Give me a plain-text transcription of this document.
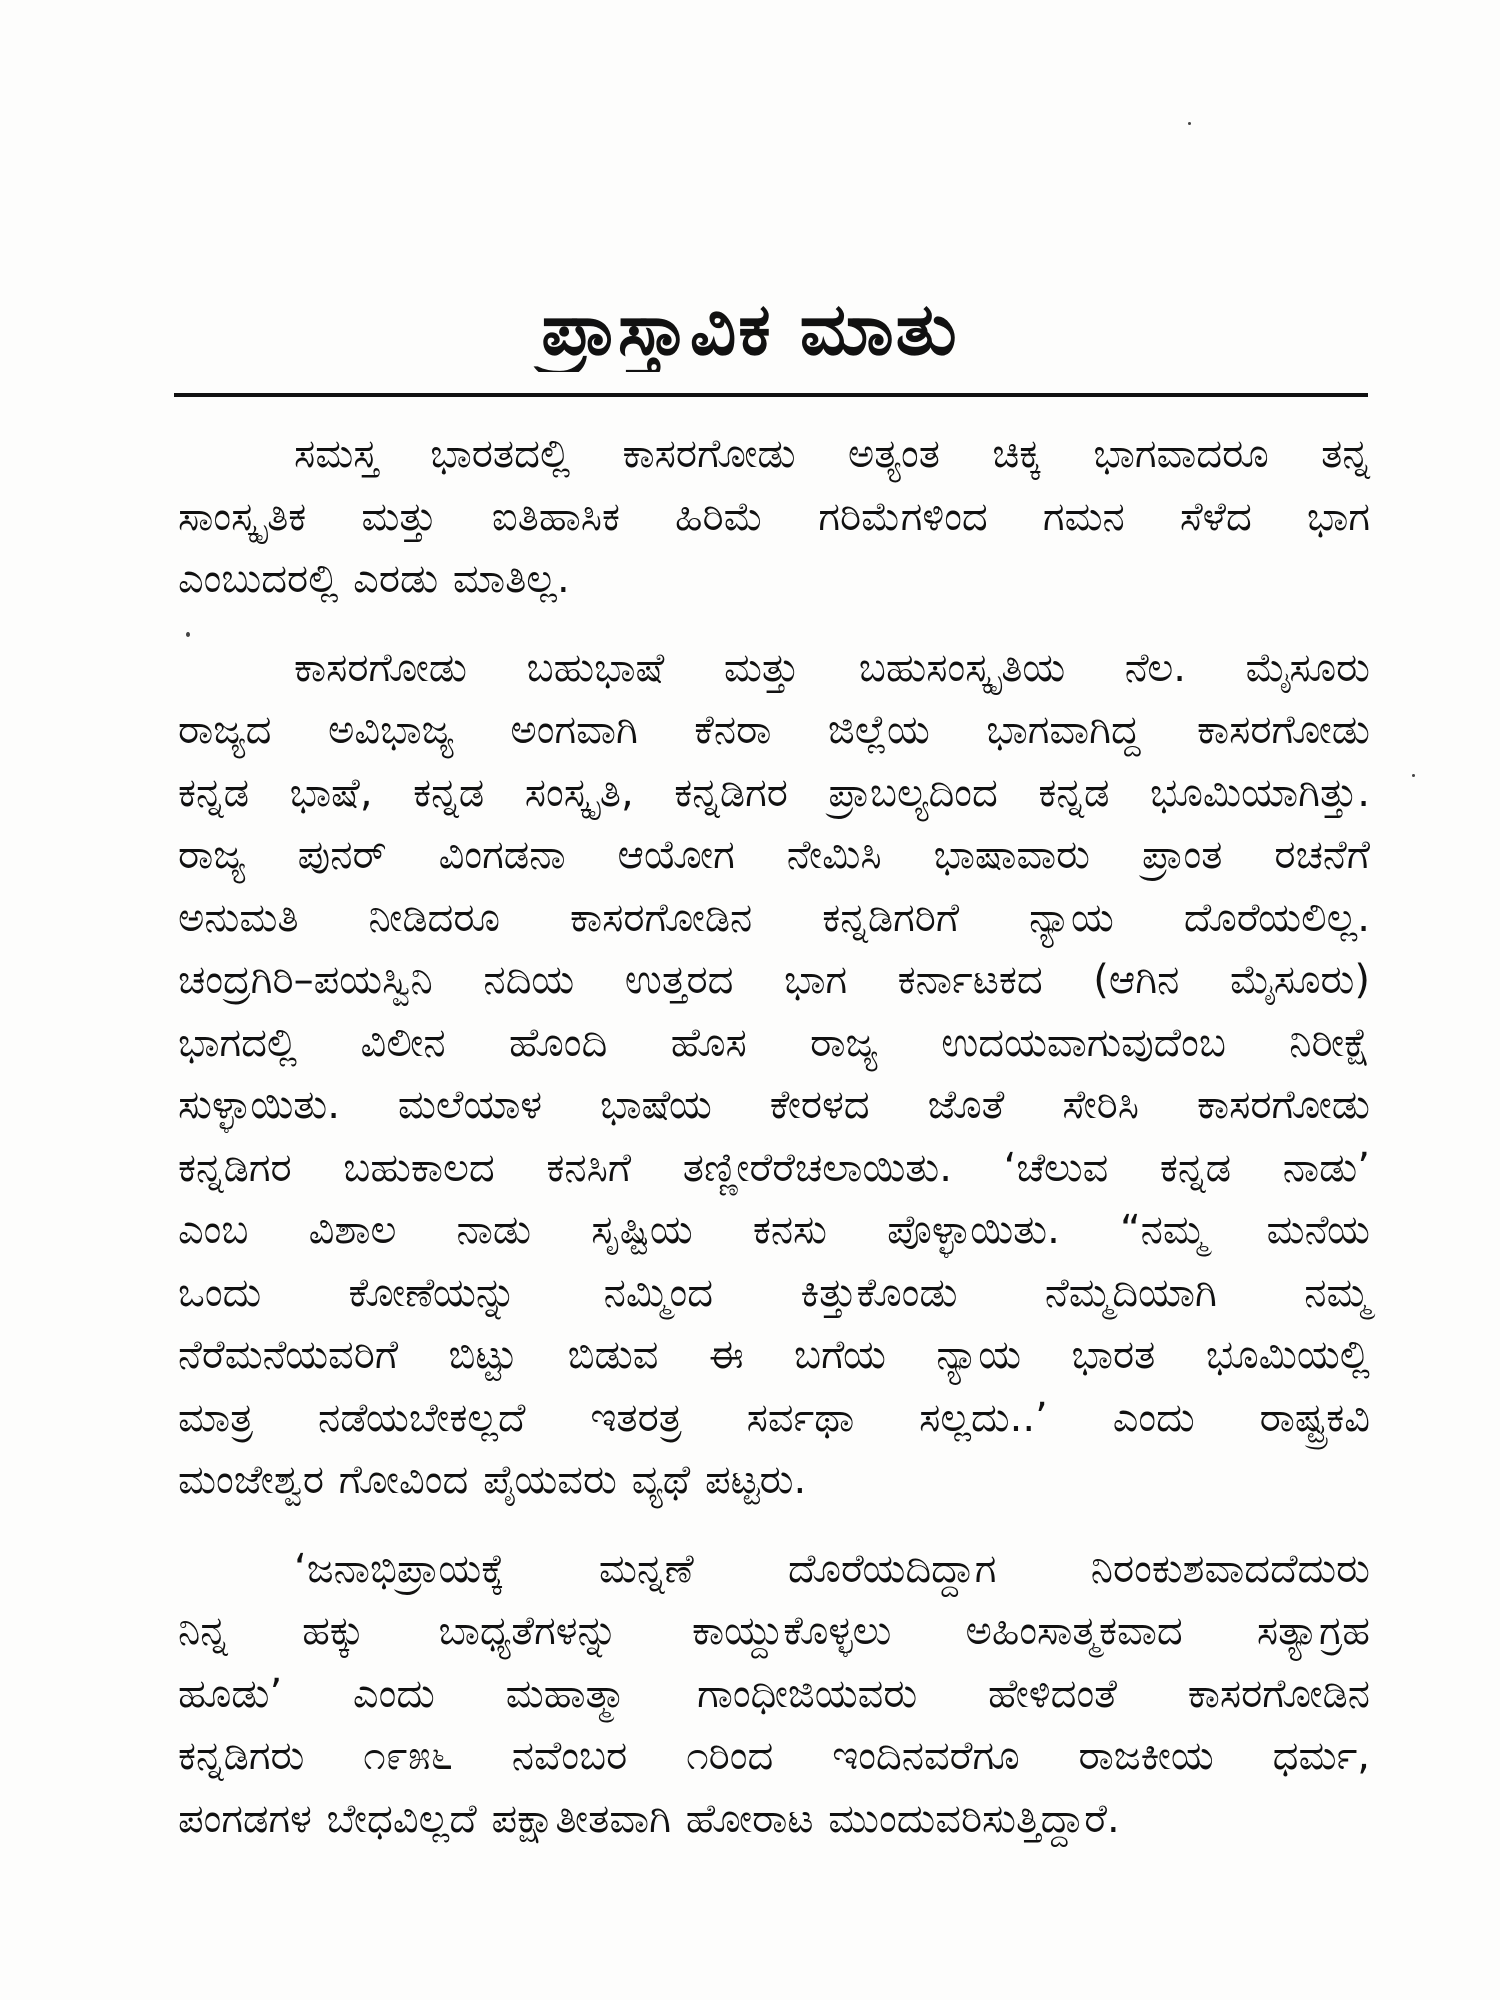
ಪ್ರಾಸ್ತಾವಿಕ ಮಾತು
ಸಮಸ್ತ ಭಾರತದಲ್ಲಿ ಕಾಸರಗೋಡು ಅತ್ಯಂತ ಚಿಕ್ಕ ಭಾಗವಾದರೂ ತನ್ನ
ಸಾಂಸ್ಕೃತಿಕ ಮತ್ತು ಐತಿಹಾಸಿಕ ಹಿರಿಮೆ ಗರಿಮೆಗಳಿಂದ ಗಮನ ಸೆಳೆದ ಭಾಗ
ಎಂಬುದರಲ್ಲಿ ಎರಡು ಮಾತಿಲ್ಲ.
ಕಾಸರಗೋಡು ಬಹುಭಾಷೆ ಮತ್ತು ಬಹುಸಂಸ್ಕೃತಿಯ ನೆಲ. ಮೈಸೂರು
ರಾಜ್ಯದ ಅವಿಭಾಜ್ಯ ಅಂಗವಾಗಿ ಕೆನರಾ ಜಿಲ್ಲೆಯ ಭಾಗವಾಗಿದ್ದ ಕಾಸರಗೋಡು
ಕನ್ನಡ ಭಾಷೆ, ಕನ್ನಡ ಸಂಸ್ಕೃತಿ, ಕನ್ನಡಿಗರ ಪ್ರಾಬಲ್ಯದಿಂದ ಕನ್ನಡ ಭೂಮಿಯಾಗಿತ್ತು.
ರಾಜ್ಯ ಪುನರ್ ವಿಂಗಡನಾ ಆಯೋಗ ನೇಮಿಸಿ ಭಾಷಾವಾರು ಪ್ರಾಂತ ರಚನೆಗೆ
ಅನುಮತಿ ನೀಡಿದರೂ ಕಾಸರಗೋಡಿನ ಕನ್ನಡಿಗರಿಗೆ ನ್ಯಾಯ ದೊರೆಯಲಿಲ್ಲ.
ಚಂದ್ರಗಿರಿ–ಪಯಸ್ವಿನಿ ನದಿಯ ಉತ್ತರದ ಭಾಗ ಕರ್ನಾಟಕದ (ಆಗಿನ ಮೈಸೂರು)
ಭಾಗದಲ್ಲಿ ವಿಲೀನ ಹೊಂದಿ ಹೊಸ ರಾಜ್ಯ ಉದಯವಾಗುವುದೆಂಬ ನಿರೀಕ್ಷೆ
ಸುಳ್ಳಾಯಿತು. ಮಲೆಯಾಳ ಭಾಷೆಯ ಕೇರಳದ ಜೊತೆ ಸೇರಿಸಿ ಕಾಸರಗೋಡು
ಕನ್ನಡಿಗರ ಬಹುಕಾಲದ ಕನಸಿಗೆ ತಣ್ಣೀರೆರೆಚಲಾಯಿತು. ‘ಚೆಲುವ ಕನ್ನಡ ನಾಡು’
ಎಂಬ ವಿಶಾಲ ನಾಡು ಸೃಷ್ಟಿಯ ಕನಸು ಪೊಳ್ಳಾಯಿತು. “ನಮ್ಮ ಮನೆಯ
ಒಂದು ಕೋಣೆಯನ್ನು ನಮ್ಮಿಂದ ಕಿತ್ತುಕೊಂಡು ನೆಮ್ಮದಿಯಾಗಿ ನಮ್ಮ
ನೆರೆಮನೆಯವರಿಗೆ ಬಿಟ್ಟು ಬಿಡುವ ಈ ಬಗೆಯ ನ್ಯಾಯ ಭಾರತ ಭೂಮಿಯಲ್ಲಿ
ಮಾತ್ರ ನಡೆಯಬೇಕಲ್ಲದೆ ಇತರತ್ರ ಸರ್ವಥಾ ಸಲ್ಲದು..’ ಎಂದು ರಾಷ್ಟ್ರಕವಿ
ಮಂಜೇಶ್ವರ ಗೋವಿಂದ ಪೈಯವರು ವ್ಯಥೆ ಪಟ್ಟರು.
‘ಜನಾಭಿಪ್ರಾಯಕ್ಕೆ ಮನ್ನಣೆ ದೊರೆಯದಿದ್ದಾಗ ನಿರಂಕುಶವಾದದೆದುರು
ನಿನ್ನ ಹಕ್ಕು ಬಾಧ್ಯತೆಗಳನ್ನು ಕಾಯ್ದುಕೊಳ್ಳಲು ಅಹಿಂಸಾತ್ಮಕವಾದ ಸತ್ಯಾಗ್ರಹ
ಹೂಡು’ ಎಂದು ಮಹಾತ್ಮಾ ಗಾಂಧೀಜಿಯವರು ಹೇಳಿದಂತೆ ಕಾಸರಗೋಡಿನ
ಕನ್ನಡಿಗರು ೧೯೫೬ ನವೆಂಬರ ೧ರಿಂದ ಇಂದಿನವರೆಗೂ ರಾಜಕೀಯ ಧರ್ಮ,
ಪಂಗಡಗಳ ಬೇಧವಿಲ್ಲದೆ ಪಕ್ಷಾತೀತವಾಗಿ ಹೋರಾಟ ಮುಂದುವರಿಸುತ್ತಿದ್ದಾರೆ.
